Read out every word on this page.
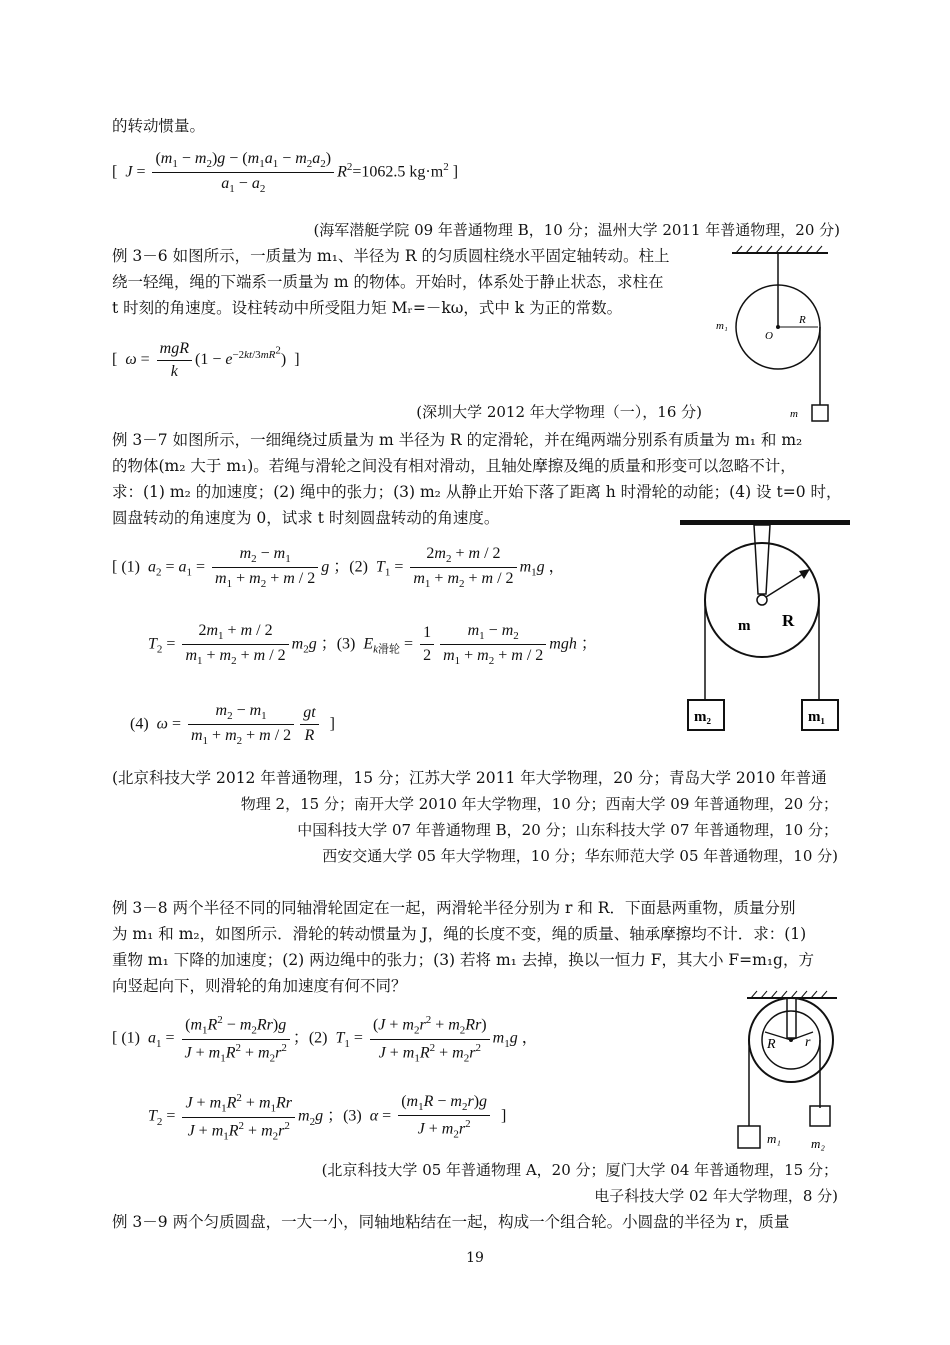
的转动惯量。
[  $J = \frac{(m_1 - m_2)g - (m_1a_1 - m_2a_2)}{a_1 - a_2} R^2=1062.5$ $kg\cdot m^2$ ]
(海军潜艇学院 09 年普通物理 B，10 分；温州大学 2011 年普通物理，20 分)
例 3－6 如图所示，一质量为 m₁、半径为 R 的匀质圆柱绕水平固定轴转动。柱上
绕一轻绳，绳的下端系一质量为 m 的物体。开始时，体系处于静止状态，求柱在
t 时刻的角速度。设柱转动中所受阻力矩 Mᵣ=－kω，式中 k 为正的常数。
[  $\omega = \frac{\text{mgR}}{k} (1 - e^{-2kt/3mR^2})$  ]
(深圳大学 2012 年大学物理（一），16 分)
m₁
O
R
m
例 3－7 如图所示，一细绳绕过质量为 m 半径为 R 的定滑轮，并在绳两端分别系有质量为 m₁ 和 m₂
的物体(m₂ 大于 m₁)。若绳与滑轮之间没有相对滑动，且轴处摩擦及绳的质量和形变可以忽略不计，
求：(1) m₂ 的加速度；(2) 绳中的张力；(3) m₂ 从静止开始下落了距离 h 时滑轮的动能；(4) 设 t=0 时，
圆盘转动的角速度为 0，试求 t 时刻圆盘转动的角速度。
[ (1)  $a_2 = a_1 = \frac{m_2 - m_1}{m_1 + m_2 + m / 2}$ g ；(2)  $T_1 = \frac{2m_2 + m / 2}{m_1 + m_2 + m / 2} m_1g$ ，
$T_2 = \frac{2m_1 + m / 2}{m_1 + m_2 + m / 2} m_2g$ ；(3)  $E_{k滑轮} = \frac{1}{2} \frac{m_1 - m_2}{m_1 + m_2 + m / 2}$ mgh ；
(4)  $\omega = \frac{m_2 - m_1}{m_1 + m_2 + m / 2} \frac{gt}{R}$ ]
(北京科技大学 2012 年普通物理，15 分；江苏大学 2011 年大学物理，20 分；青岛大学 2010 年普通
物理 2，15 分；南开大学 2010 年大学物理，10 分；西南大学 09 年普通物理，20 分；
中国科技大学 07 年普通物理 B，20 分；山东科技大学 07 年普通物理，10 分；
西安交通大学 05 年大学物理，10 分；华东师范大学 05 年普通物理，10 分)
R
m
m₂	m₁
例 3－8 两个半径不同的同轴滑轮固定在一起，两滑轮半径分别为 r 和 R．下面悬两重物，质量分别
为 m₁ 和 m₂，如图所示．滑轮的转动惯量为 J，绳的长度不变，绳的质量、轴承摩擦均不计．求：(1)
重物 m₁ 下降的加速度；(2) 两边绳中的张力；(3) 若将 m₁ 去掉，换以一恒力 F，其大小 F=m₁g，方
向竖起向下，则滑轮的角加速度有何不同？
[ (1)  $a_1 = \frac{(m_1R^2 - m_2Rr)g}{J + m_1R^2 + m_2r^2}$ ；(2)  $T_1 = \frac{(J + m_2r^2 + m_2Rr)}{J + m_1R^2 + m_2r^2} m_1g$ ，
$T_2 = \frac{J + m_1R^2 + m_1Rr}{J + m_1R^2 + m_2r^2} m_2g$ ；(3)  $\alpha = \frac{(m_1R - m_2r)g}{J + m_2r^2}$ ]
(北京科技大学 05 年普通物理 A，20 分；厦门大学 04 年普通物理，15 分；
电子科技大学 02 年大学物理，8 分)
R r
m₁ m₂
例 3－9 两个匀质圆盘，一大一小，同轴地粘结在一起，构成一个组合轮。小圆盘的半径为 r，质量
19
